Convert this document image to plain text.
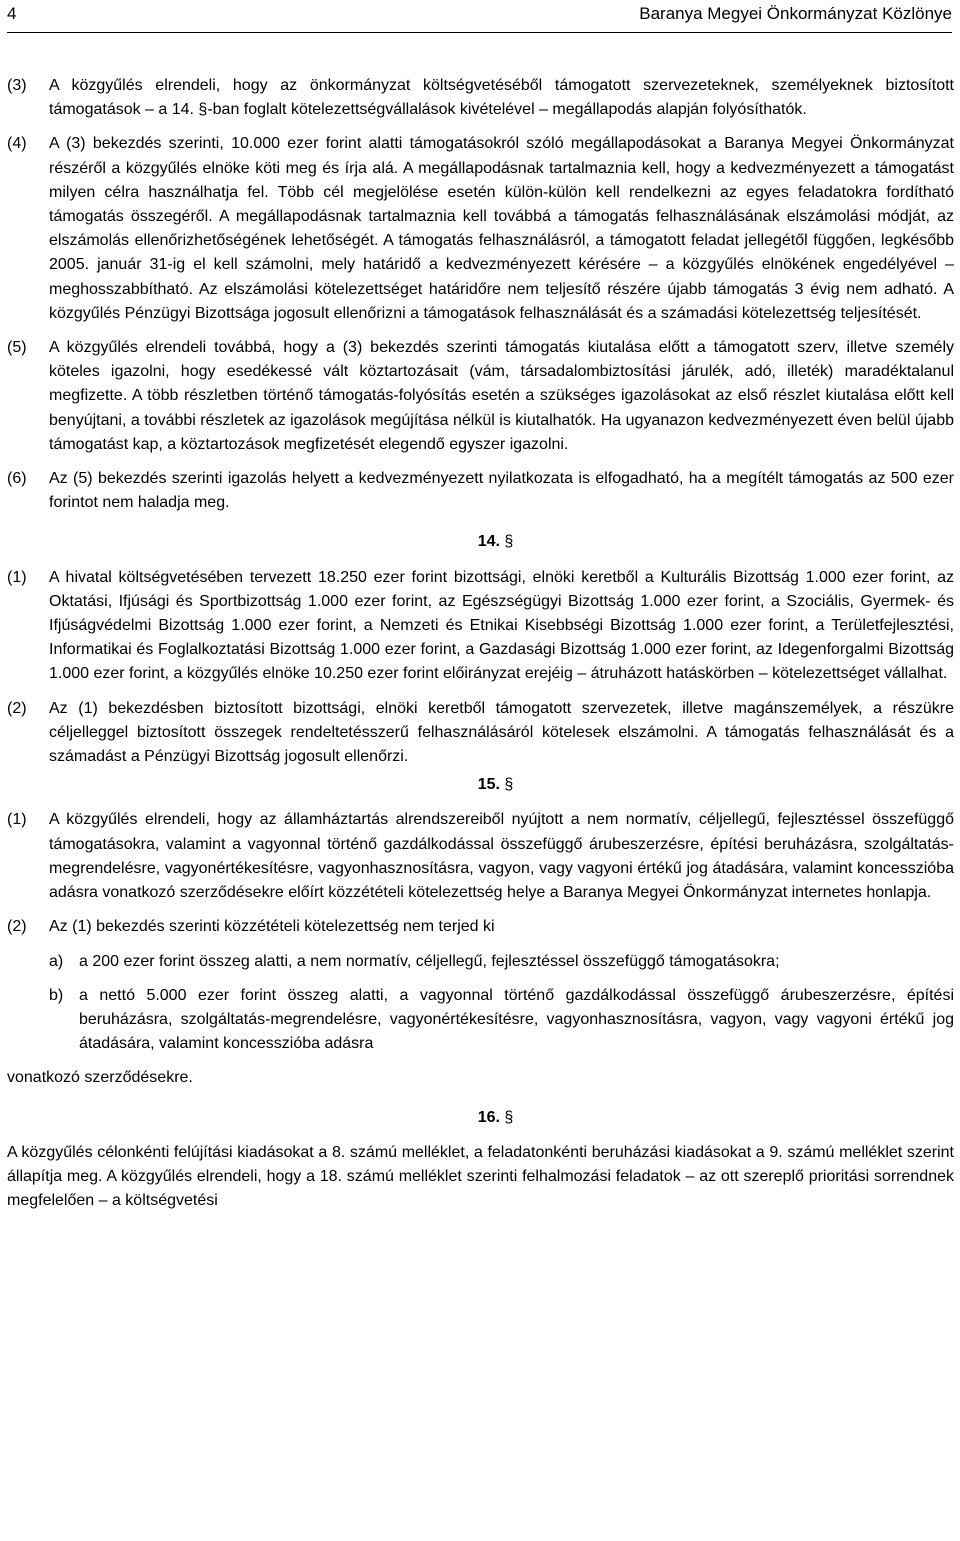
4	Baranya Megyei Önkormányzat Közlönye
(3) A közgyűlés elrendeli, hogy az önkormányzat költségvetéséből támogatott szervezeteknek, személyeknek biztosított támogatások – a 14. §-ban foglalt kötelezettségvállalások kivételével – megállapodás alapján folyósíthatók.
(4) A (3) bekezdés szerinti, 10.000 ezer forint alatti támogatásokról szóló megállapodásokat a Baranya Megyei Önkormányzat részéről a közgyűlés elnöke köti meg és írja alá. A megállapodásnak tartalmaznia kell, hogy a kedvezményezett a támogatást milyen célra használhatja fel. Több cél megjelölése esetén külön-külön kell rendelkezni az egyes feladatokra fordítható támogatás összegéről. A megállapodásnak tartalmaznia kell továbbá a támogatás felhasználásának elszámolási módját, az elszámolás ellenőrizhetőségének lehetőségét. A támogatás felhasználásról, a támogatott feladat jellegétől függően, legkésőbb 2005. január 31-ig el kell számolni, mely határidő a kedvezményezett kérésére – a közgyűlés elnökének engedélyével – meghosszabbítható. Az elszámolási kötelezettséget határidőre nem teljesítő részére újabb támogatás 3 évig nem adható. A közgyűlés Pénzügyi Bizottsága jogosult ellenőrizni a támogatások felhasználását és a számadási kötelezettség teljesítését.
(5) A közgyűlés elrendeli továbbá, hogy a (3) bekezdés szerinti támogatás kiutalása előtt a támogatott szerv, illetve személy köteles igazolni, hogy esedékessé vált köztartozásait (vám, társadalombiztosítási járulék, adó, illeték) maradéktalanul megfizette. A több részletben történő támogatás-folyósítás esetén a szükséges igazolásokat az első részlet kiutalása előtt kell benyújtani, a további részletek az igazolások megújítása nélkül is kiutalhatók. Ha ugyanazon kedvezményezett éven belül újabb támogatást kap, a köztartozások megfizetését elegendő egyszer igazolni.
(6) Az (5) bekezdés szerinti igazolás helyett a kedvezményezett nyilatkozata is elfogadható, ha a megítélt támogatás az 500 ezer forintot nem haladja meg.
14. §
(1) A hivatal költségvetésében tervezett 18.250 ezer forint bizottsági, elnöki keretből a Kulturális Bizottság 1.000 ezer forint, az Oktatási, Ifjúsági és Sportbizottság 1.000 ezer forint, az Egészségügyi Bizottság 1.000 ezer forint, a Szociális, Gyermek- és Ifjúságvédelmi Bizottság 1.000 ezer forint, a Nemzeti és Etnikai Kisebbségi Bizottság 1.000 ezer forint, a Területfejlesztési, Informatikai és Foglalkoztatási Bizottság 1.000 ezer forint, a Gazdasági Bizottság 1.000 ezer forint, az Idegenforgalmi Bizottság 1.000 ezer forint, a közgyűlés elnöke 10.250 ezer forint előirányzat erejéig – átruházott hatáskörben – kötelezettséget vállalhat.
(2) Az (1) bekezdésben biztosított bizottsági, elnöki keretből támogatott szervezetek, illetve magánszemélyek, a részükre céljelleggel biztosított összegek rendeltetésszerű felhasználásáról kötelesek elszámolni. A támogatás felhasználását és a számadást a Pénzügyi Bizottság jogosult ellenőrzi.
15. §
(1) A közgyűlés elrendeli, hogy az államháztartás alrendszereiből nyújtott a nem normatív, céljellegű, fejlesztéssel összefüggő támogatásokra, valamint a vagyonnal történő gazdálkodással összefüggő árubeszerzésre, építési beruházásra, szolgáltatás-megrendelésre, vagyonértékesítésre, vagyonhasznosításra, vagyon, vagy vagyoni értékű jog átadására, valamint koncesszióba adásra vonatkozó szerződésekre előírt közzétételi kötelezettség helye a Baranya Megyei Önkormányzat internetes honlapja.
(2) Az (1) bekezdés szerinti közzétételi kötelezettség nem terjed ki
a) a 200 ezer forint összeg alatti, a nem normatív, céljellegű, fejlesztéssel összefüggő támogatásokra;
b) a nettó 5.000 ezer forint összeg alatti, a vagyonnal történő gazdálkodással összefüggő árubeszerzésre, építési beruházásra, szolgáltatás-megrendelésre, vagyonértékesítésre, vagyonhasznosításra, vagyon, vagy vagyoni értékű jog átadására, valamint koncesszióba adásra
vonatkozó szerződésekre.
16. §
A közgyűlés célonkénti felújítási kiadásokat a 8. számú melléklet, a feladatonkénti beruházási kiadásokat a 9. számú melléklet szerint állapítja meg. A közgyűlés elrendeli, hogy a 18. számú melléklet szerinti felhalmozási feladatok – az ott szereplő prioritási sorrendnek megfelelően – a költségvetési
